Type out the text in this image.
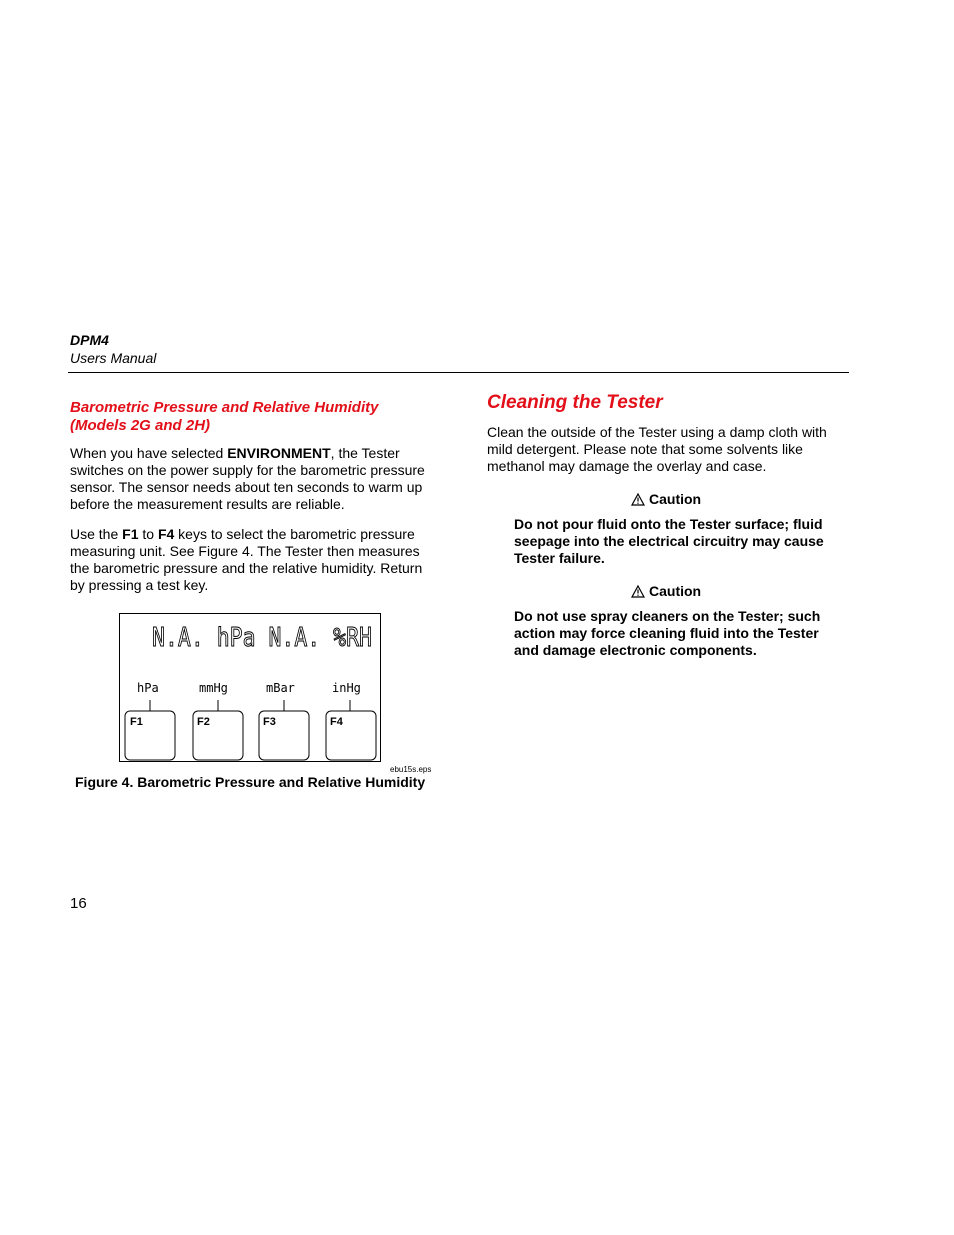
DPM4
Users Manual
Barometric Pressure and Relative Humidity (Models 2G and 2H)
When you have selected ENVIRONMENT, the Tester switches on the power supply for the barometric pressure sensor. The sensor needs about ten seconds to warm up before the measurement results are reliable.
Use the F1 to F4 keys to select the barometric pressure measuring unit. See Figure 4. The Tester then measures the barometric pressure and the relative humidity. Return by pressing a test key.
N.A. hPa N.A. %RH
hPa	mmHg	mBar	inHg
F1	F2	F3	F4
ebu15s.eps
Figure 4. Barometric Pressure and Relative Humidity
Cleaning the Tester
Clean the outside of the Tester using a damp cloth with mild detergent. Please note that some solvents like methanol may damage the overlay and case.
Caution
Do not pour fluid onto the Tester surface; fluid seepage into the electrical circuitry may cause Tester failure.
Caution
Do not use spray cleaners on the Tester; such action may force cleaning fluid into the Tester and damage electronic components.
16
